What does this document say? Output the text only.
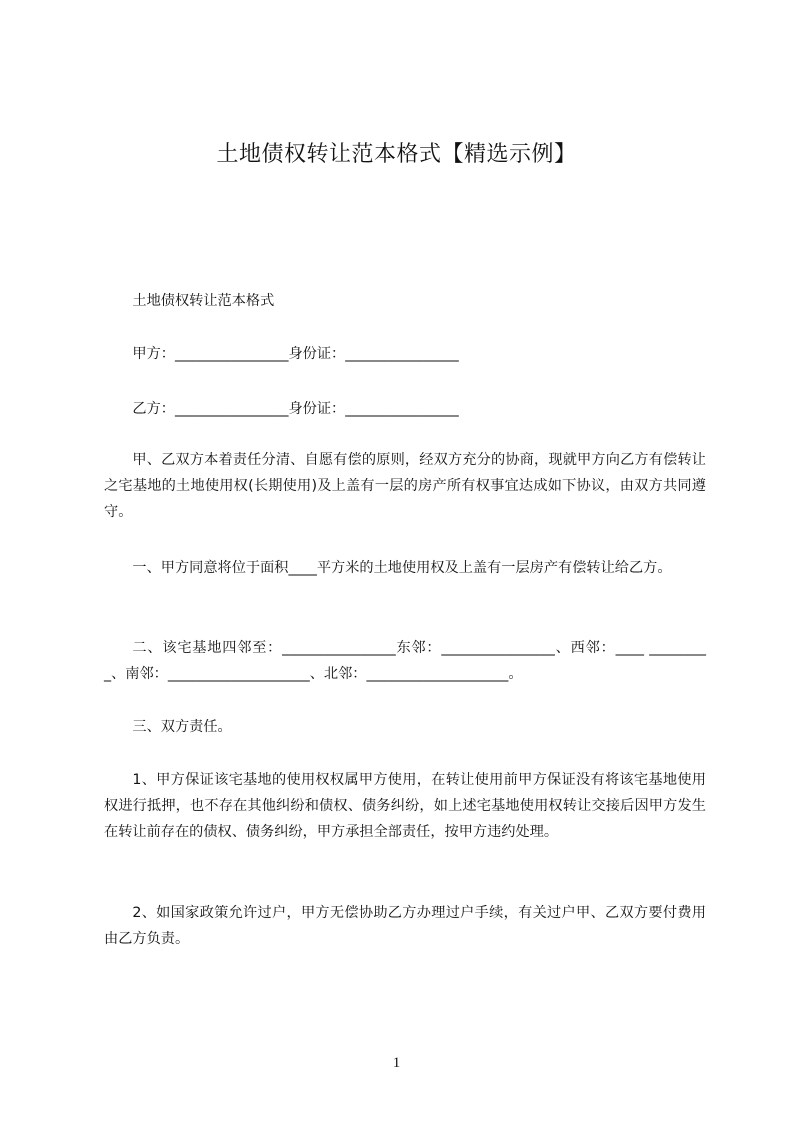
土地债权转让范本格式【精选示例】
土地债权转让范本格式
甲方：________________身份证：________________
乙方：________________身份证：________________
甲、乙双方本着责任分清、自愿有偿的原则，经双方充分的协商，现就甲方向乙方有偿转让之宅基地的土地使用权(长期使用)及上盖有一层的房产所有权事宜达成如下协议，由双方共同遵守。
一、甲方同意将位于面积____平方米的土地使用权及上盖有一层房产有偿转让给乙方。
二、该宅基地四邻至：________________东邻：________________、西邻：____ _________、南邻：____________________、北邻：____________________。
三、双方责任。
1、甲方保证该宅基地的使用权权属甲方使用，在转让使用前甲方保证没有将该宅基地使用权进行抵押，也不存在其他纠纷和债权、债务纠纷，如上述宅基地使用权转让交接后因甲方发生在转让前存在的债权、债务纠纷，甲方承担全部责任，按甲方违约处理。
2、如国家政策允许过户，甲方无偿协助乙方办理过户手续，有关过户甲、乙双方要付费用由乙方负责。
1
